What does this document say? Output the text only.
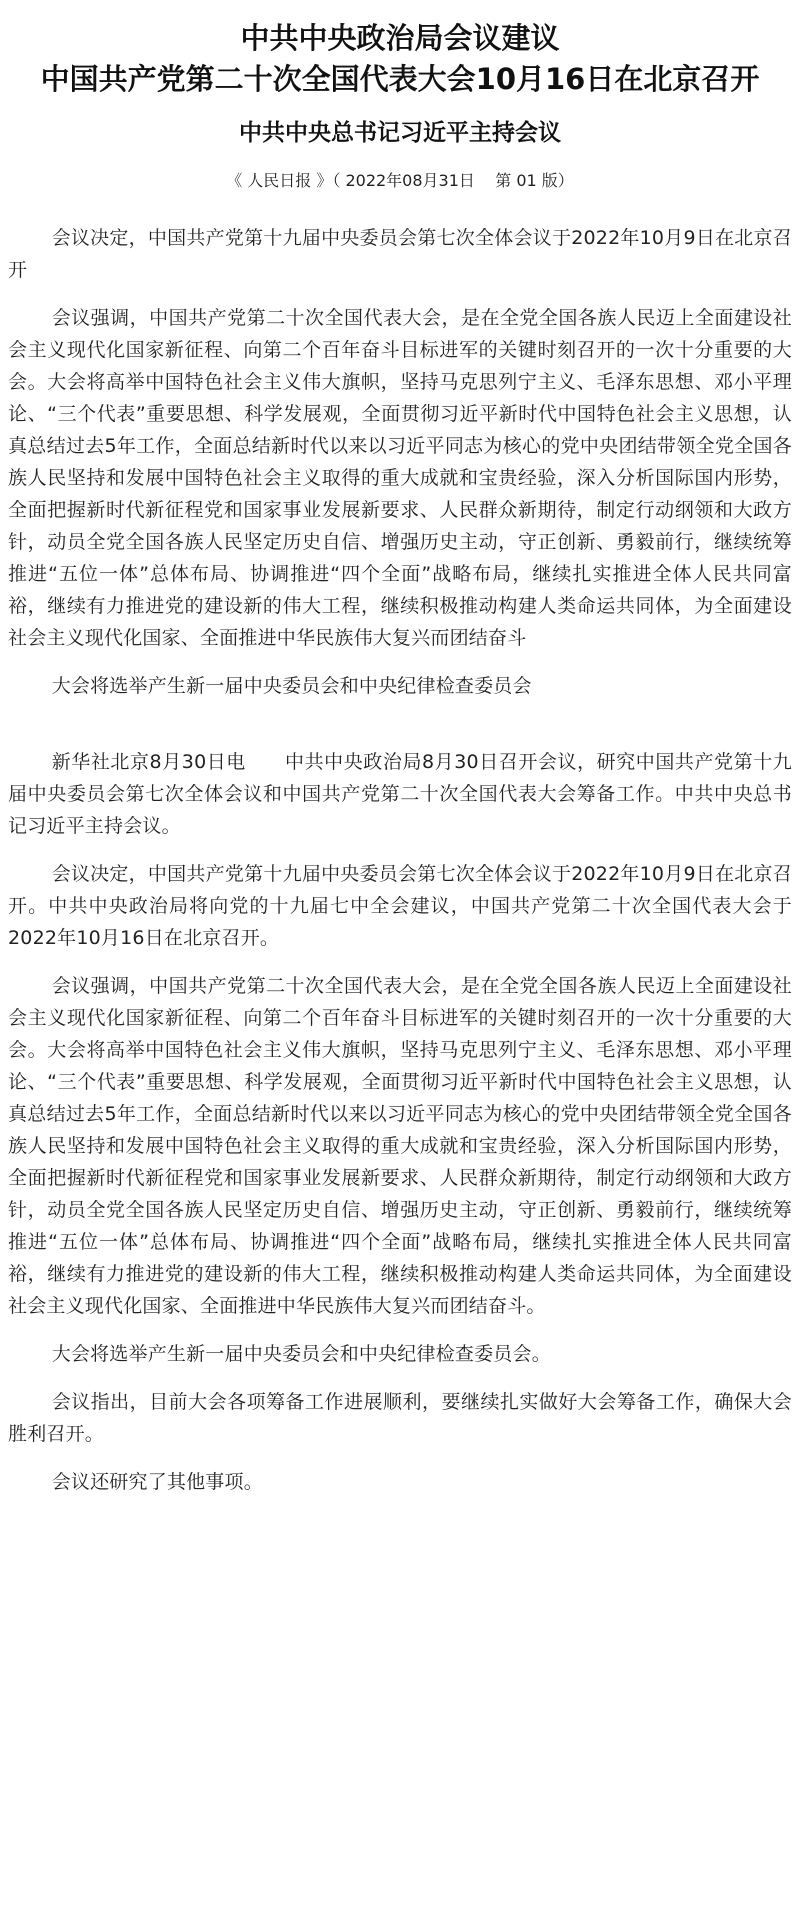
中共中央政治局会议建议
中国共产党第二十次全国代表大会10月16日在北京召开
中共中央总书记习近平主持会议
《 人民日报 》（ 2022年08月31日    第 01 版）

会议决定，中国共产党第十九届中央委员会第七次全体会议于2022年10月9日在北京召开

会议强调，中国共产党第二十次全国代表大会，是在全党全国各族人民迈上全面建设社会主义现代化国家新征程、向第二个百年奋斗目标进军的关键时刻召开的一次十分重要的大会。大会将高举中国特色社会主义伟大旗帜，坚持马克思列宁主义、毛泽东思想、邓小平理论、“三个代表”重要思想、科学发展观，全面贯彻习近平新时代中国特色社会主义思想，认真总结过去5年工作，全面总结新时代以来以习近平同志为核心的党中央团结带领全党全国各族人民坚持和发展中国特色社会主义取得的重大成就和宝贵经验，深入分析国际国内形势，全面把握新时代新征程党和国家事业发展新要求、人民群众新期待，制定行动纲领和大政方针，动员全党全国各族人民坚定历史自信、增强历史主动，守正创新、勇毅前行，继续统筹推进“五位一体”总体布局、协调推进“四个全面”战略布局，继续扎实推进全体人民共同富裕，继续有力推进党的建设新的伟大工程，继续积极推动构建人类命运共同体，为全面建设社会主义现代化国家、全面推进中华民族伟大复兴而团结奋斗

大会将选举产生新一届中央委员会和中央纪律检查委员会

新华社北京8月30日电　　中共中央政治局8月30日召开会议，研究中国共产党第十九届中央委员会第七次全体会议和中国共产党第二十次全国代表大会筹备工作。中共中央总书记习近平主持会议。

会议决定，中国共产党第十九届中央委员会第七次全体会议于2022年10月9日在北京召开。中共中央政治局将向党的十九届七中全会建议，中国共产党第二十次全国代表大会于2022年10月16日在北京召开。

会议强调，中国共产党第二十次全国代表大会，是在全党全国各族人民迈上全面建设社会主义现代化国家新征程、向第二个百年奋斗目标进军的关键时刻召开的一次十分重要的大会。大会将高举中国特色社会主义伟大旗帜，坚持马克思列宁主义、毛泽东思想、邓小平理论、“三个代表”重要思想、科学发展观，全面贯彻习近平新时代中国特色社会主义思想，认真总结过去5年工作，全面总结新时代以来以习近平同志为核心的党中央团结带领全党全国各族人民坚持和发展中国特色社会主义取得的重大成就和宝贵经验，深入分析国际国内形势，全面把握新时代新征程党和国家事业发展新要求、人民群众新期待，制定行动纲领和大政方针，动员全党全国各族人民坚定历史自信、增强历史主动，守正创新、勇毅前行，继续统筹推进“五位一体”总体布局、协调推进“四个全面”战略布局，继续扎实推进全体人民共同富裕，继续有力推进党的建设新的伟大工程，继续积极推动构建人类命运共同体，为全面建设社会主义现代化国家、全面推进中华民族伟大复兴而团结奋斗。

大会将选举产生新一届中央委员会和中央纪律检查委员会。

会议指出，目前大会各项筹备工作进展顺利，要继续扎实做好大会筹备工作，确保大会胜利召开。

会议还研究了其他事项。
